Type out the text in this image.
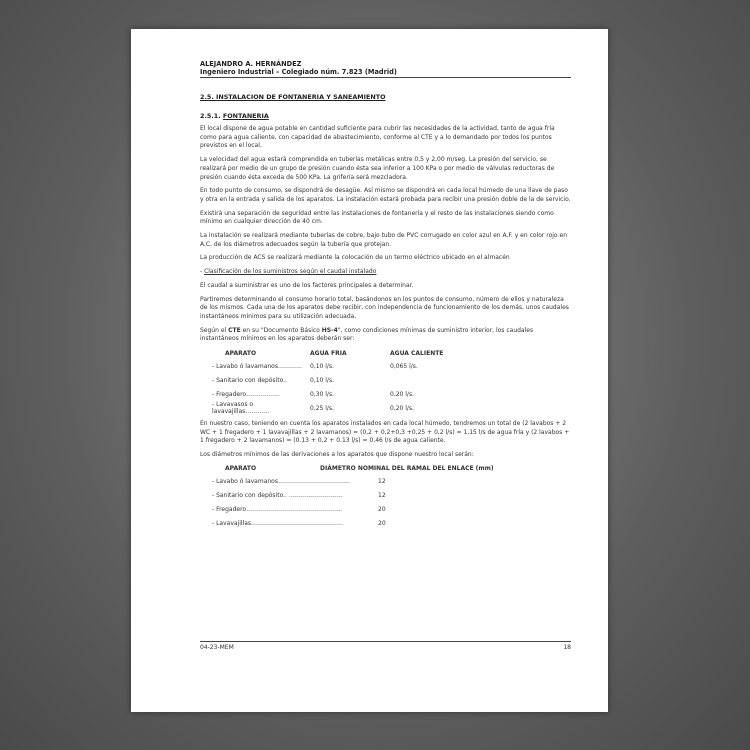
ALEJANDRO A. HERNÁNDEZ
Ingeniero Industrial – Colegiado núm. 7.823 (Madrid)
2.5. INSTALACION DE FONTANERIA Y SANEAMIENTO
2.5.1. FONTANERIA

El local dispone de agua potable en cantidad suficiente para cubrir las necesidades de la actividad, tanto de agua fría como para agua caliente, con capacidad de abastecimiento, conforme al CTE y a lo demandado por todos los puntos previstos en el local.

La velocidad del agua estará comprendida en tuberías metálicas entre 0,5 y 2,00 m/seg. La presión del servicio, se realizará por medio de un grupo de presión cuando ésta sea inferior a 100 KPa o por medio de válvulas reductoras de presión cuando ésta exceda de 500 KPa. La grifería será mezcladora.

En todo punto de consumo, se dispondrá de desagüe. Así mismo se dispondrá en cada local húmedo de una llave de paso y otra en la entrada y salida de los aparatos. La instalación estará probada para recibir una presión doble de la de servicio.

Existirá una separación de seguridad entre las instalaciones de fontanería y el resto de las instalaciones siendo como mínimo en cualquier dirección de 40 cm.

La instalación se realizará mediante tuberías de cobre, bajo tubo de PVC corrugado en color azul en A.F. y en color rojo en A.C. de los diámetros adecuados según la tubería que protejan.

La producción de ACS se realizará mediante la colocación de un termo eléctrico ubicado en el almacén

- Clasificación de los suministros según el caudal instalado

El caudal a suministrar es uno de los factores principales a determinar.

Partiremos determinando el consumo horario total, basándonos en los puntos de consumo, número de ellos y naturaleza de los mismos. Cada una de los aparatos debe recibir, con independencia de funcionamiento de los demás, unos caudales instantáneos mínimos para su utilización adecuada.

Según el CTE en su "Documento Básico HS-4", como condiciones mínimas de suministro interior, los caudales instantáneos mínimos en los aparatos deberán ser:

APARATO	AGUA FRIA	AGUA CALIENTE
- Lavabo ó lavamanos…………	0,10 l/s.	0,065 l/s.
- Sanitario con depósito..	0,10 l/s.
- Fregadero……………..	0,30 l/s.	0,20 l/s.
- Lavavasos o lavavajillas…………	0,25 l/s.	0,20 l/s.

En nuestro caso, teniendo en cuenta los aparatos instalados en cada local húmedo, tendremos un total de (2 lavabos + 2 WC + 1 fregadero + 1 lavavajillas + 2 lavamanos) = (0,2 + 0,2+0,3 +0,25 + 0,2 l/s) = 1,15 l/s de agua fría y (2 lavabos + 1 fregadero + 2 lavamanos) = (0.13 + 0,2 + 0.13 l/s) = 0,46 l/s de agua caliente.

Los diámetros mínimos de las derivaciones a los aparatos que dispone nuestro local serán:

APARATO	DIÁMETRO NOMINAL DEL RAMAL DEL ENLACE (mm)
- Lavabo ó lavamanos………………………………	12
- Sanitario con depósito.. ………………………	12
- Fregadero…………………………………………	20
- Lavavajillas……………………………………….	20
04-23-MEM	18
